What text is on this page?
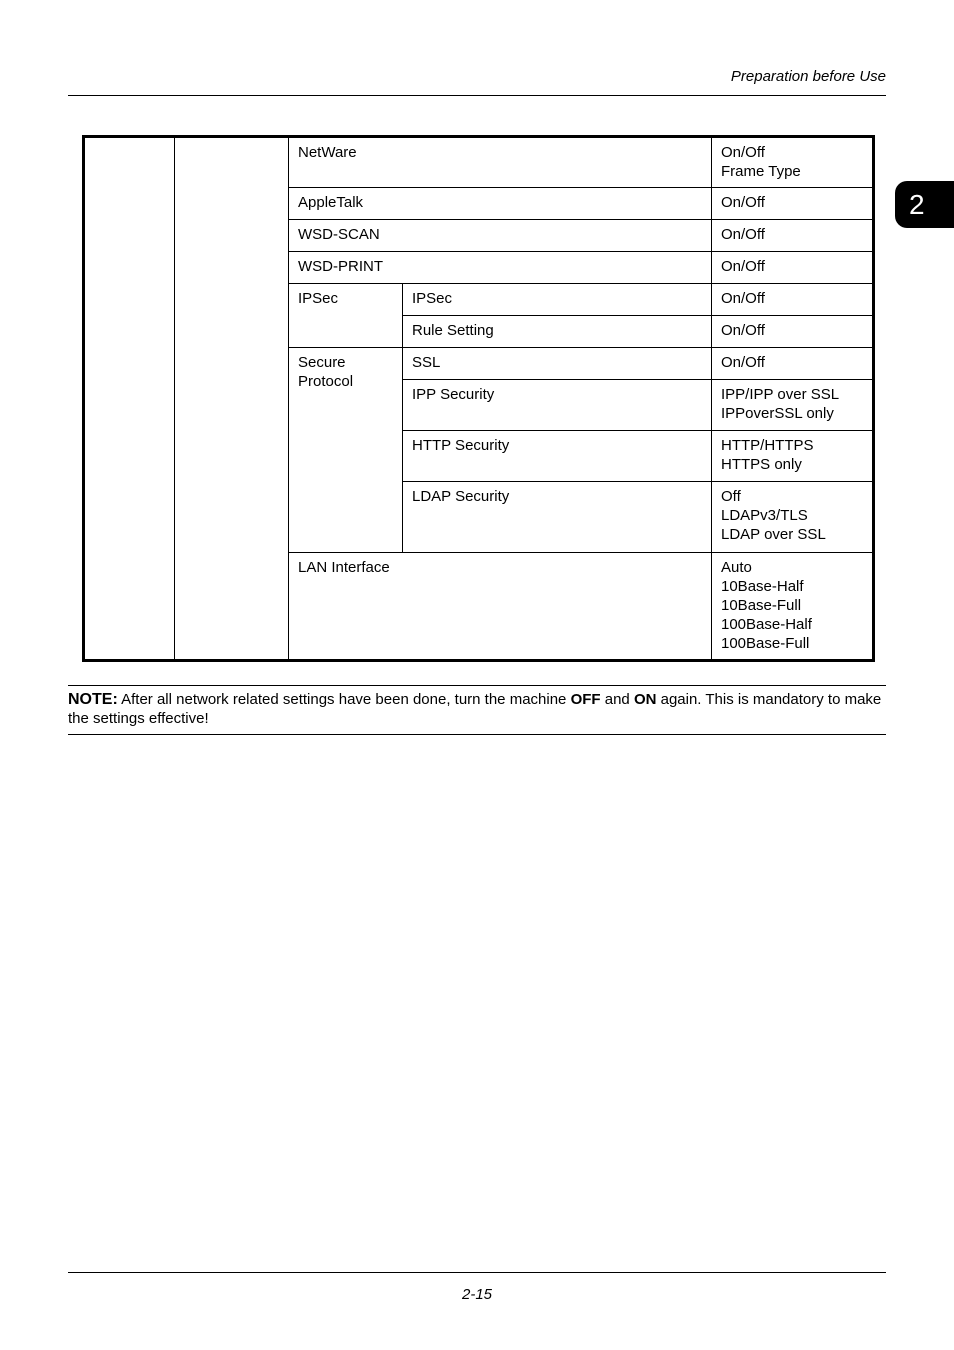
Preparation before Use
2
		NetWare		On/Off
Frame Type

		AppleTalk		On/Off
		WSD-SCAN		On/Off
		WSD-PRINT		On/Off
		IPSec	IPSec	On/Off
			Rule Setting	On/Off

		Secure
Protocol	SSL	On/Off
			IPP Security	IPP/IPP over SSL
IPPoverSSL only

			HTTP Security	HTTP/HTTPS
HTTPS only

			LDAP Security	Off
LDAPv3/TLS
LDAP over SSL

		LAN Interface		Auto
10Base-Half
10Base-Full
100Base-Half
100Base-Full
NOTE: After all network related settings have been done, turn the machine OFF and ON again. This is mandatory to make the settings effective!
2-15
